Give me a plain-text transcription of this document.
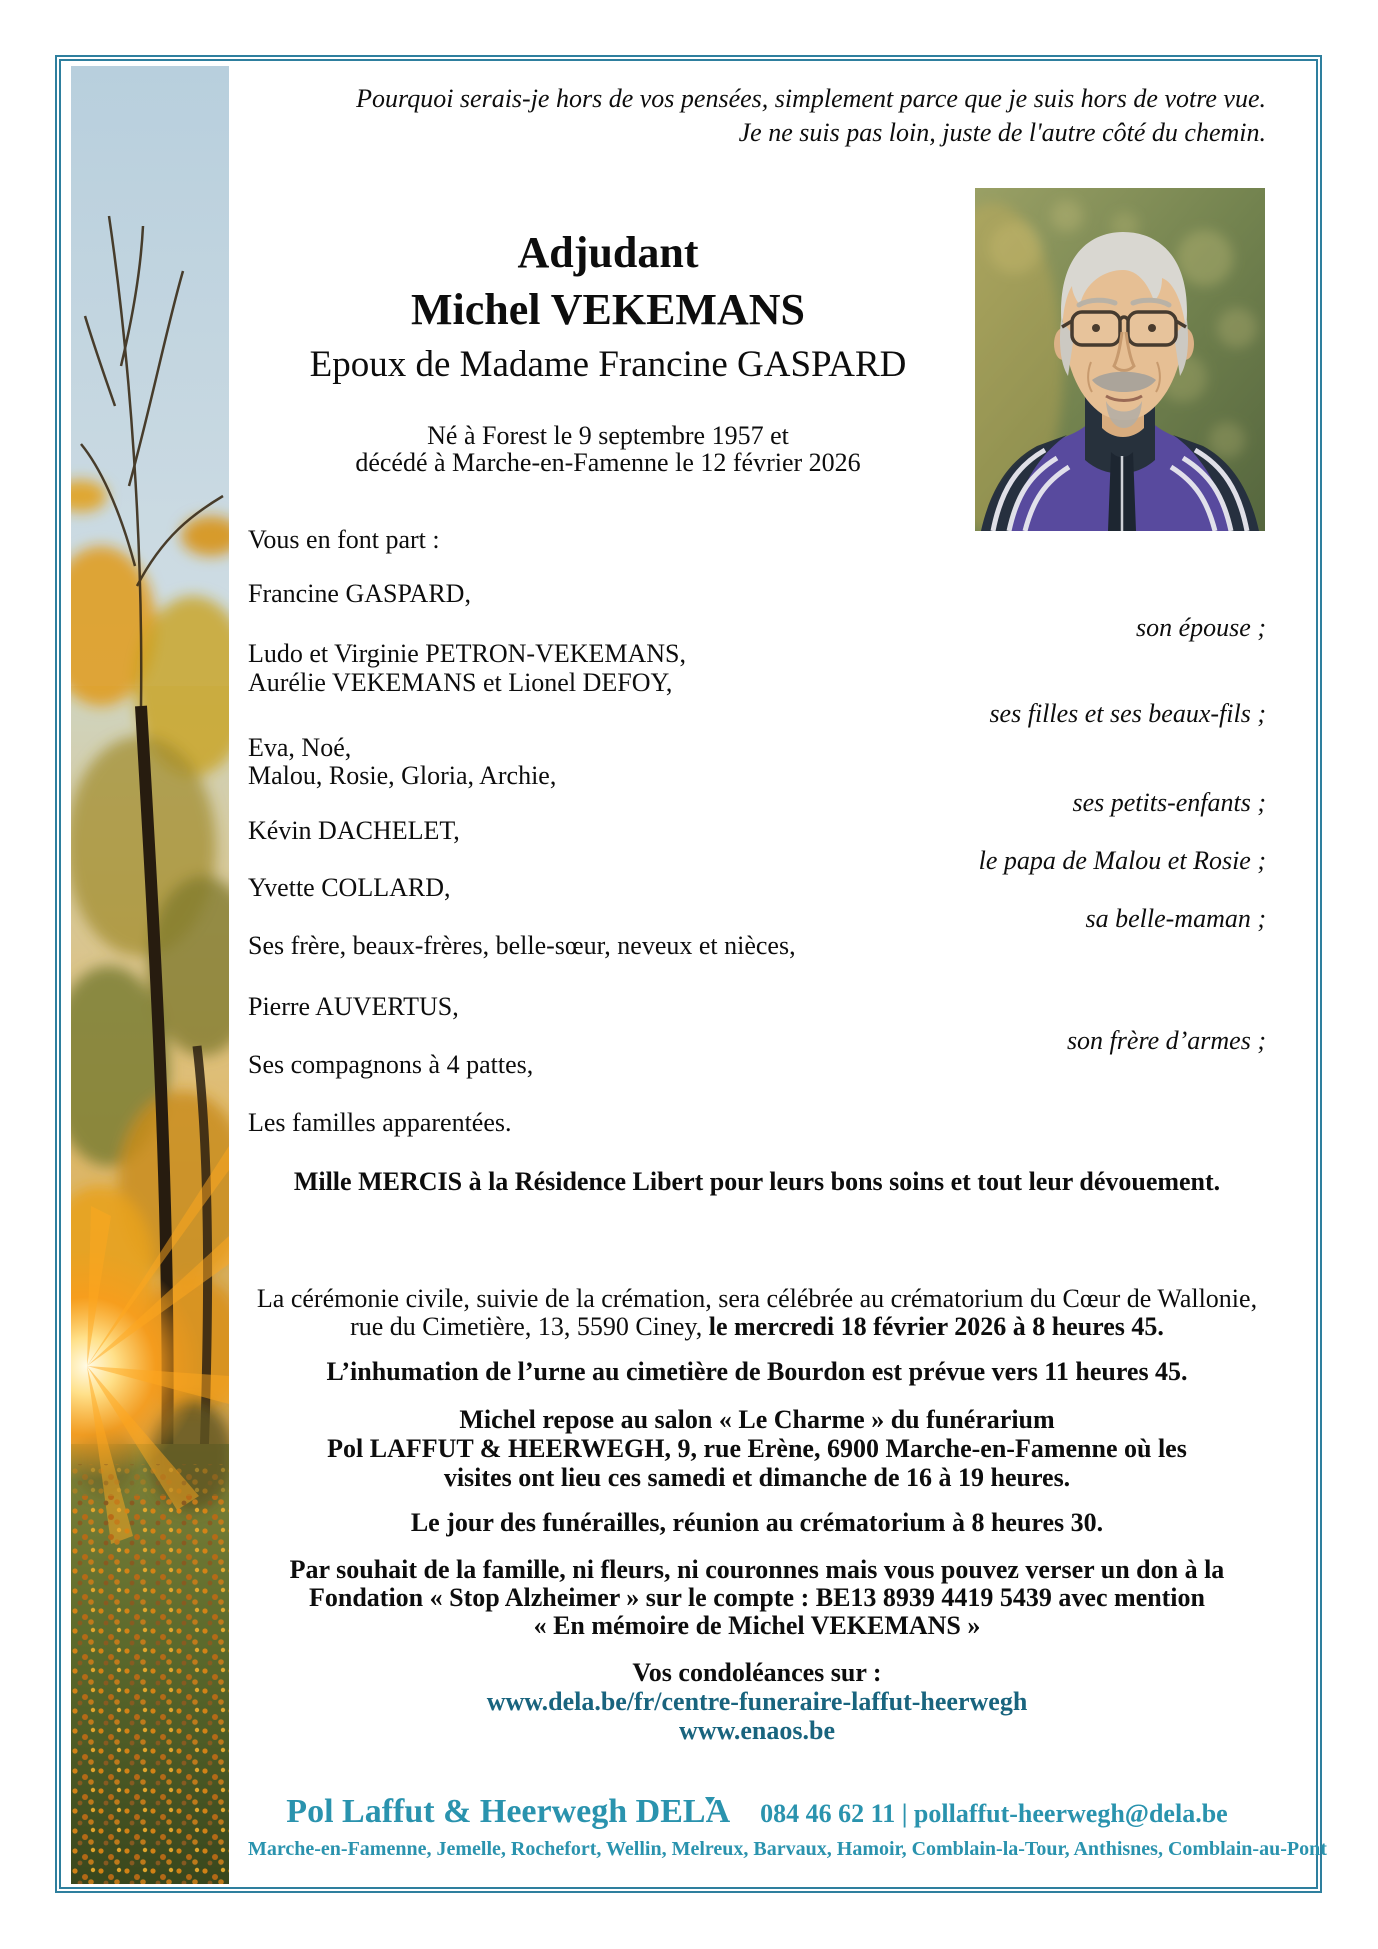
Pourquoi serais-je hors de vos pensées, simplement parce que je suis hors de votre vue.
Je ne suis pas loin, juste de l'autre côté du chemin.
Adjudant
Michel VEKEMANS
Epoux de Madame Francine GASPARD
Né à Forest le 9 septembre 1957 et
décédé à Marche-en-Famenne le 12 février 2026
Vous en font part :
Francine GASPARD,
son épouse ;
Ludo et Virginie PETRON-VEKEMANS,
Aurélie VEKEMANS et Lionel DEFOY,
ses filles et ses beaux-fils ;
Eva, Noé,
Malou, Rosie, Gloria, Archie,
ses petits-enfants ;
Kévin DACHELET,
le papa de Malou et Rosie ;
Yvette COLLARD,
sa belle-maman ;
Ses frère, beaux-frères, belle-sœur, neveux et nièces,
Pierre AUVERTUS,
son frère d’armes ;
Ses compagnons à 4 pattes,
Les familles apparentées.
Mille MERCIS à la Résidence Libert pour leurs bons soins et tout leur dévouement.
La cérémonie civile, suivie de la crémation, sera célébrée au crématorium du Cœur de Wallonie,
rue du Cimetière, 13, 5590 Ciney, le mercredi 18 février 2026 à 8 heures 45.
L’inhumation de l’urne au cimetière de Bourdon est prévue vers 11 heures 45.
Michel repose au salon « Le Charme » du funérarium
Pol LAFFUT & HEERWEGH, 9, rue Erène, 6900 Marche-en-Famenne où les
visites ont lieu ces samedi et dimanche de 16 à 19 heures.
Le jour des funérailles, réunion au crématorium à 8 heures 30.
Par souhait de la famille, ni fleurs, ni couronnes mais vous pouvez verser un don à la
Fondation « Stop Alzheimer » sur le compte : BE13 8939 4419 5439 avec mention
« En mémoire de Michel VEKEMANS »
Vos condoléances sur :
www.dela.be/fr/centre-funeraire-laffut-heerwegh
www.enaos.be
Pol Laffut & Heerwegh DEL
A 084 46 62 11 | pollaffut-heerwegh@dela.be
Marche-en-Famenne, Jemelle, Rochefort, Wellin, Melreux, Barvaux, Hamoir, Comblain-la-Tour, Anthisnes, Comblain-au-Pont
